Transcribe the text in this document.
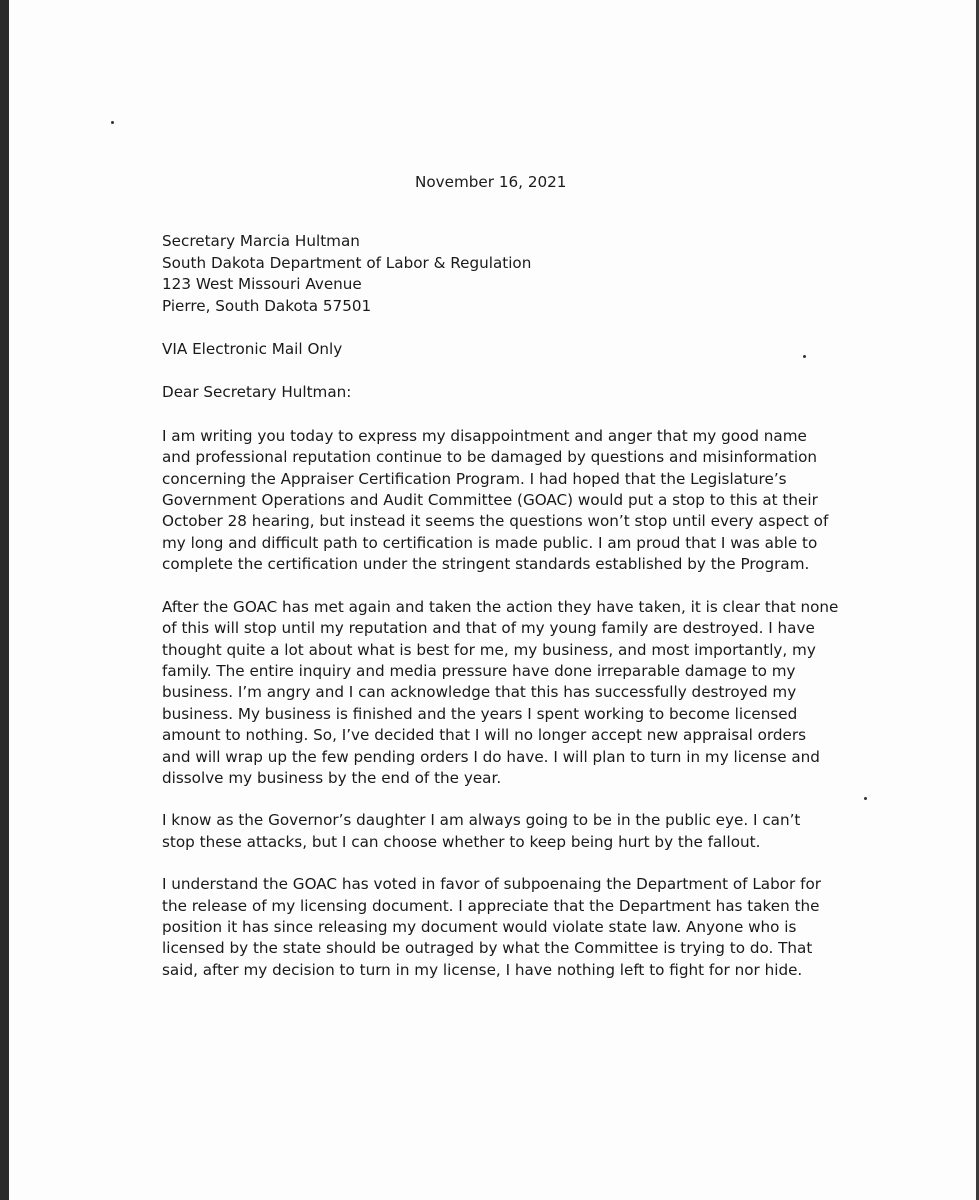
November 16, 2021
Secretary Marcia Hultman
South Dakota Department of Labor & Regulation
123 West Missouri Avenue
Pierre, South Dakota 57501
VIA Electronic Mail Only
Dear Secretary Hultman:

I am writing you today to express my disappointment and anger that my good name
and professional reputation continue to be damaged by questions and misinformation
concerning the Appraiser Certification Program. I had hoped that the Legislature’s
Government Operations and Audit Committee (GOAC) would put a stop to this at their
October 28 hearing, but instead it seems the questions won’t stop until every aspect of
my long and difficult path to certification is made public. I am proud that I was able to
complete the certification under the stringent standards established by the Program.

After the GOAC has met again and taken the action they have taken, it is clear that none
of this will stop until my reputation and that of my young family are destroyed. I have
thought quite a lot about what is best for me, my business, and most importantly, my
family. The entire inquiry and media pressure have done irreparable damage to my
business. I’m angry and I can acknowledge that this has successfully destroyed my
business. My business is finished and the years I spent working to become licensed
amount to nothing. So, I’ve decided that I will no longer accept new appraisal orders
and will wrap up the few pending orders I do have. I will plan to turn in my license and
dissolve my business by the end of the year.

I know as the Governor’s daughter I am always going to be in the public eye. I can’t
stop these attacks, but I can choose whether to keep being hurt by the fallout.

I understand the GOAC has voted in favor of subpoenaing the Department of Labor for
the release of my licensing document. I appreciate that the Department has taken the
position it has since releasing my document would violate state law. Anyone who is
licensed by the state should be outraged by what the Committee is trying to do. That
said, after my decision to turn in my license, I have nothing left to fight for nor hide.
